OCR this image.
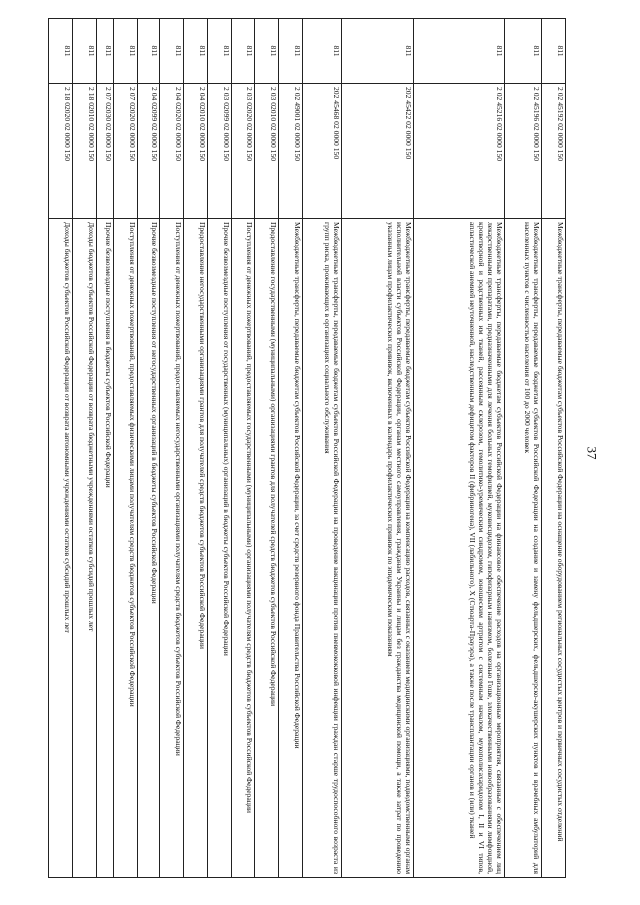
37
811	2 02 45192 02 0000 150	Межбюджетные трансферты, передаваемые бюджетам субъектов Российской Федерации на оснащение оборудованием региональных сосудистых центров и первичных сосудистых отделений
811	2 02 45196 02 0000 150	Межбюджетные трансферты, передаваемые бюджетам субъектов Российской Федерации на создание и замену фельдшерских, фельдшерско-акушерских пунктов и врачебных амбулаторий для населенных пунктов с численностью населения от 100 до 2000 человек
811	2 02 45216 02 0000 150	Межбюджетные трансферты, передаваемые бюджетам субъектов Российской Федерации на финансовое обеспечение расходов на организационные мероприятия, связанные с обеспечением лиц лекарственными препаратами, предназначенными для лечения больных гемофилией, муковисцидозом, гипофизарным нанизмом, болезнью Гоше, злокачественными новообразованиями лимфоидной, кроветворной и родственных им тканей, рассеянным склерозом, гемолитико-уремическим синдромом, юношеским артритом с системным началом, мукополисахаридозом I, II и VI типов, апластической анемией неуточненной, наследственным дефицитом факторов II (фибриногена), VII (лабильного), X (Стюарта-Прауэра), а также после трансплантации органов и (или) тканей
811	202 45422 02 0000 150	Межбюджетные трансферты, передаваемые бюджетам субъектов Российской Федерации на компенсацию расходов, связанных с оказанием медицинскими организациями, подведомственными органам исполнительной власти субъектов Российской Федерации, органам местного самоуправления, гражданам Украины и лицам без гражданства медицинской помощи, а также затрат по проведению указанным лицам профилактических прививок, включенных в календарь профилактических прививок по эпидемическим показаниям
811	202 45468 02 0000 150	Межбюджетные трансферты, передаваемые бюджетам субъектов Российской Федерации на проведение вакцинации против пневмококковой инфекции граждан старше трудоспособного возраста из групп риска, проживающих в организациях социального обслуживания
811	2 02 49001 02 0000 150	Межбюджетные трансферты, передаваемые бюджетам субъектов Российской Федерации, за счет средств резервного фонда Правительства Российской Федерации
811	2 03 02010 02 0000 150	Предоставление государственными (муниципальными) организациями грантов для получателей средств бюджетов субъектов Российской Федерации
811	2 03 02020 02 0000 150	Поступления от денежных пожертвований, предоставляемых государственными (муниципальными) организациями получателям средств бюджетов субъектов Российской Федерации
811	2 03 02099 02 0000 150	Прочие безвозмездные поступления от государственных (муниципальных) организаций в бюджеты субъектов Российской Федерации
811	2 04 02010 02 0000 150	Предоставление негосударственными организациями грантов для получателей средств бюджетов субъектов Российской Федерации
811	2 04 02020 02 0000 150	Поступления от денежных пожертвований, предоставляемых негосударственными организациями получателям средств бюджетов субъектов Российской Федерации
811	2 04 02099 02 0000 150	Прочие безвозмездные поступления от негосударственных организаций в бюджеты субъектов Российской Федерации
811	2 07 02020 02 0000 150	Поступления от денежных пожертвований, предоставляемых физическими лицами получателям средств бюджетов субъектов Российской Федерации
811	2 07 02030 02 0000 150	Прочие безвозмездные поступления в бюджеты субъектов Российской Федерации
811	2 18 02010 02 0000 150	Доходы бюджетов субъектов Российской Федерации от возврата бюджетными учреждениями остатков субсидий прошлых лет
811	2 18 02020 02 0000 150	Доходы бюджетов субъектов Российской Федерации от возврата автономными учреждениями остатков субсидий прошлых лет
